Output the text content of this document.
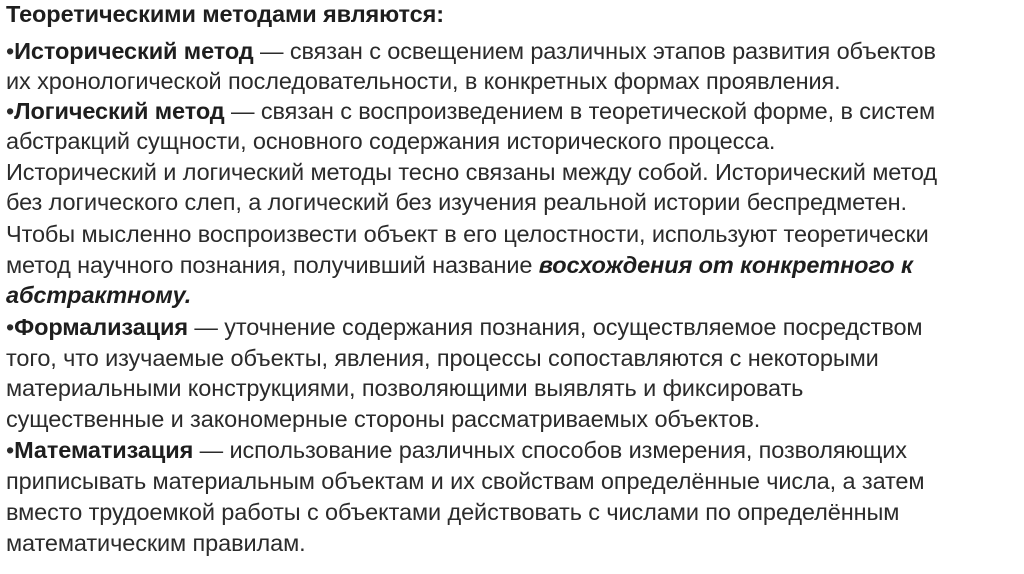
Теоретическими методами являются:
•Исторический метод — связан с освещением различных этапов развития объектов
их хронологической последовательности, в конкретных формах проявления.
•Логический метод — связан с воспроизведением в теоретической форме, в систем
абстракций сущности, основного содержания исторического процесса.
Исторический и логический методы тесно связаны между собой. Исторический метод
без логического слеп, а логический без изучения реальной истории беспредметен.
Чтобы мысленно воспроизвести объект в его целостности, используют теоретически
метод научного познания, получивший название восхождения от конкретного к
абстрактному.
•Формализация — уточнение содержания познания, осуществляемое посредством
того, что изучаемые объекты, явления, процессы сопоставляются с некоторыми
материальными конструкциями, позволяющими выявлять и фиксировать
существенные и закономерные стороны рассматриваемых объектов.
•Математизация — использование различных способов измерения, позволяющих
приписывать материальным объектам и их свойствам определённые числа, а затем
вместо трудоемкой работы с объектами действовать с числами по определённым
математическим правилам.
